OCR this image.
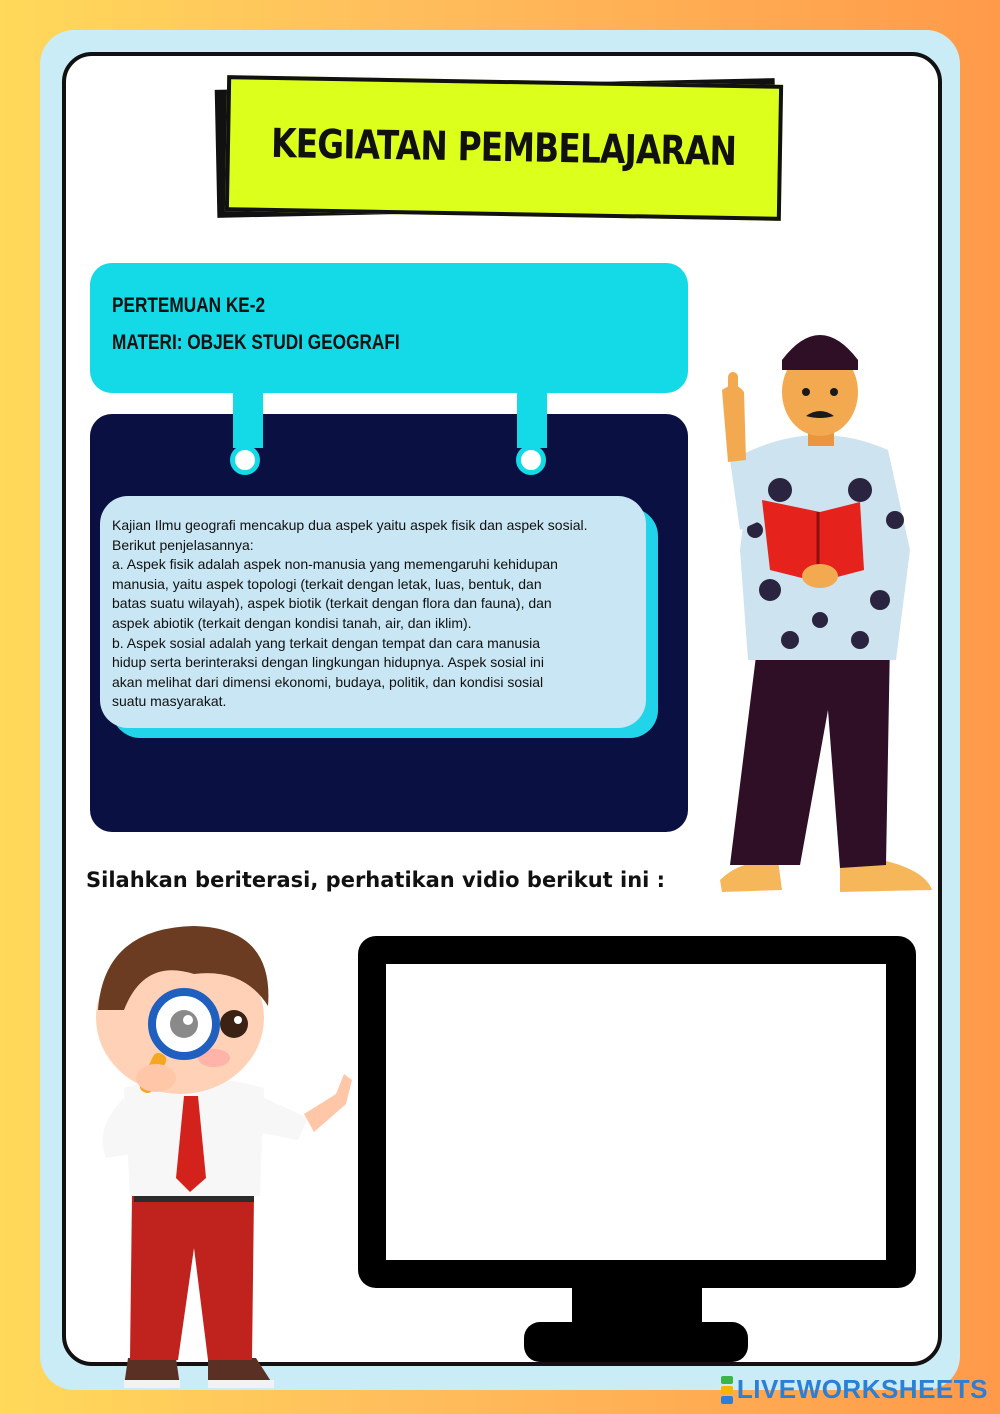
KEGIATAN PEMBELAJARAN
PERTEMUAN KE-2
MATERI: OBJEK STUDI GEOGRAFI

Kajian Ilmu geografi mencakup dua aspek yaitu aspek fisik dan aspek sosial.
Berikut penjelasannya:
a. Aspek fisik adalah aspek non-manusia yang memengaruhi kehidupan
manusia, yaitu aspek topologi (terkait dengan letak, luas, bentuk, dan
batas suatu wilayah), aspek biotik (terkait dengan flora dan fauna), dan
aspek abiotik (terkait dengan kondisi tanah, air, dan iklim).
b. Aspek sosial adalah yang terkait dengan tempat dan cara manusia
hidup serta berinteraksi dengan lingkungan hidupnya. Aspek sosial ini
akan melihat dari dimensi ekonomi, budaya, politik, dan kondisi sosial
suatu masyarakat.

Silahkan beriterasi, perhatikan vidio berikut ini :
LIVEWORKSHEETS
